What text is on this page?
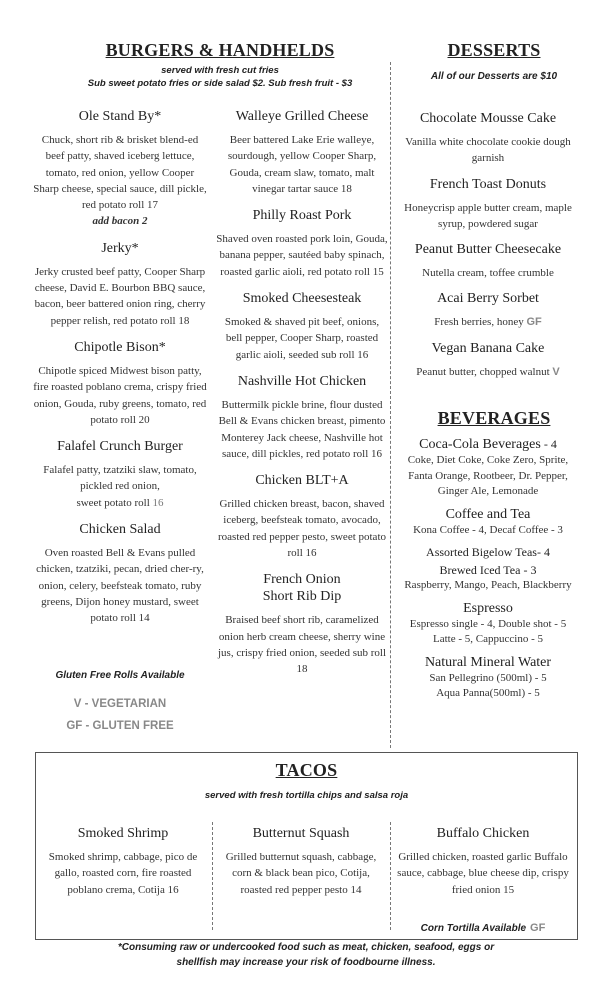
BURGERS & HANDHELDS
served with fresh cut fries
Sub sweet potato fries or side salad $2. Sub fresh fruit - $3
Ole Stand By*
Chuck, short rib & brisket blend-ed beef patty, shaved iceberg lettuce, tomato, red onion, yellow Cooper Sharp cheese, special sauce, dill pickle, red potato roll 17
add bacon 2
Jerky*
Jerky crusted beef patty, Cooper Sharp cheese, David E. Bourbon BBQ sauce, bacon, beer battered onion ring, cherry pepper relish, red potato roll 18
Chipotle Bison*
Chipotle spiced Midwest bison patty, fire roasted poblano crema, crispy fried onion, Gouda, ruby greens, tomato, red potato roll 20
Falafel Crunch Burger
Falafel patty, tzatziki slaw, tomato, pickled red onion,
sweet potato roll 16
Chicken Salad
Oven roasted Bell & Evans pulled chicken, tzatziki, pecan, dried cher-ry, onion, celery, beefsteak tomato, ruby greens, Dijon honey mustard, sweet potato roll 14
Gluten Free Rolls Available
V - VEGETARIAN
GF - GLUTEN FREE
Walleye Grilled Cheese
Beer battered Lake Erie walleye, sourdough, yellow Cooper Sharp, Gouda, cream slaw, tomato, malt vinegar tartar sauce 18
Philly Roast Pork
Shaved oven roasted pork loin, Gouda, banana pepper, sautéed baby spinach, roasted garlic aioli, red potato roll 15
Smoked Cheesesteak
Smoked & shaved pit beef, onions, bell pepper, Cooper Sharp, roasted garlic aioli, seeded sub roll 16
Nashville Hot Chicken
Buttermilk pickle brine, flour dusted Bell & Evans chicken breast, pimento Monterey Jack cheese, Nashville hot sauce, dill pickles, red potato roll 16
Chicken BLT+A
Grilled chicken breast, bacon, shaved iceberg, beefsteak tomato, avocado, roasted red pepper pesto, sweet potato roll 16
French Onion
Short Rib Dip
Braised beef short rib, caramelized onion herb cream cheese, sherry wine jus, crispy fried onion, seeded sub roll 18
DESSERTS
All of our Desserts are $10
Chocolate Mousse Cake
Vanilla white chocolate cookie dough garnish
French Toast Donuts
Honeycrisp apple butter cream, maple syrup, powdered sugar
Peanut Butter Cheesecake
Nutella cream, toffee crumble
Acai Berry Sorbet
Fresh berries, honey GF
Vegan Banana Cake
Peanut butter, chopped walnut V
BEVERAGES
Coca-Cola Beverages - 4
Coke, Diet Coke, Coke Zero, Sprite, Fanta Orange, Rootbeer, Dr. Pepper, Ginger Ale, Lemonade
Coffee and Tea
Kona Coffee - 4, Decaf Coffee - 3
Assorted Bigelow Teas- 4
Brewed Iced Tea - 3
Raspberry, Mango, Peach, Blackberry
Espresso
Espresso single - 4, Double shot - 5
Latte - 5, Cappuccino - 5
Natural Mineral Water
San Pellegrino (500ml) - 5
Aqua Panna(500ml) - 5
TACOS
served with fresh tortilla chips and salsa roja
Smoked Shrimp
Smoked shrimp, cabbage, pico de gallo, roasted corn, fire roasted poblano crema, Cotija 16
Butternut Squash
Grilled butternut squash, cabbage, corn & black bean pico, Cotija, roasted red pepper pesto 14
Buffalo Chicken
Grilled chicken, roasted garlic Buffalo sauce, cabbage, blue cheese dip, crispy fried onion 15
Corn Tortilla Available GF
*Consuming raw or undercooked food such as meat, chicken, seafood, eggs or
shellfish may increase your risk of foodbourne illness.
